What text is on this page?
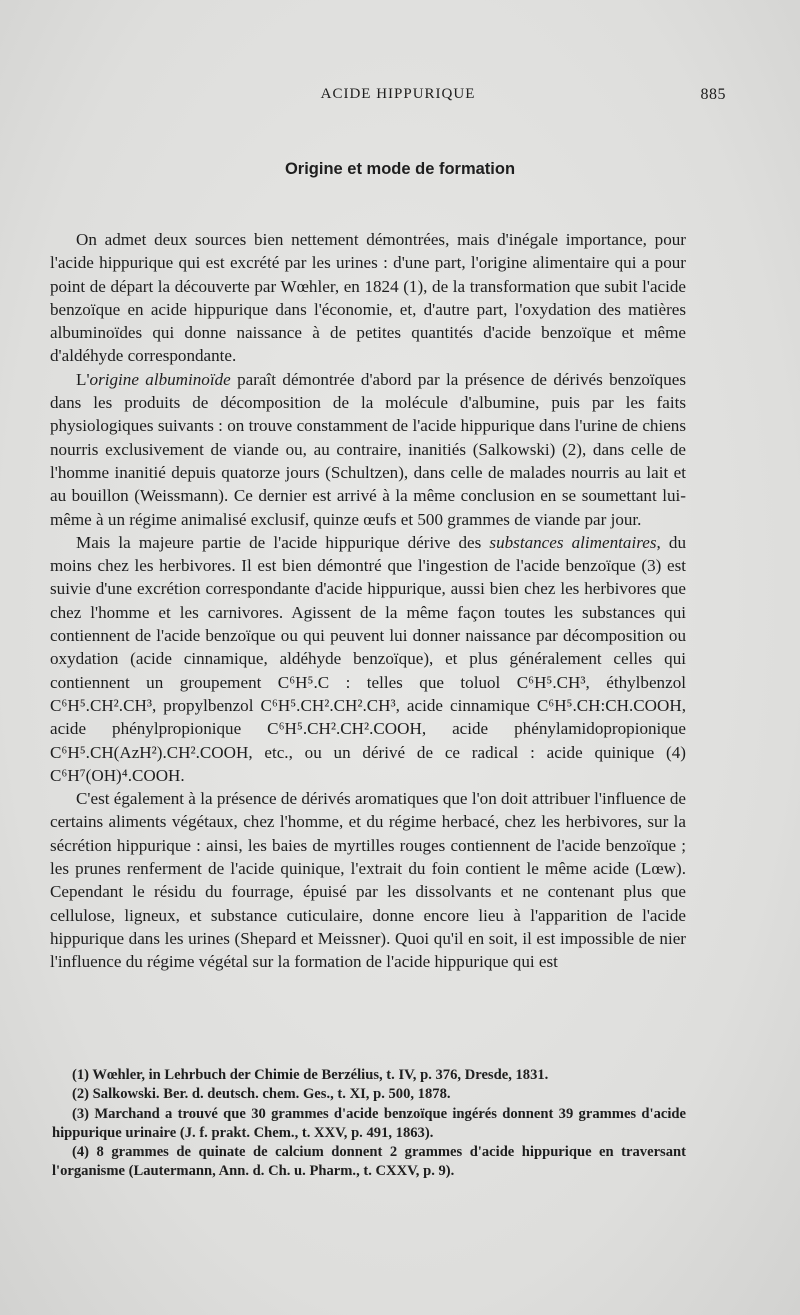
ACIDE HIPPURIQUE	885
Origine et mode de formation

On admet deux sources bien nettement démontrées, mais d'inégale importance, pour l'acide hippurique qui est excrété par les urines : d'une part, l'origine alimentaire qui a pour point de départ la découverte par Wœhler, en 1824 (1), de la transformation que subit l'acide benzoïque en acide hippurique dans l'économie, et, d'autre part, l'oxydation des matières albuminoïdes qui donne naissance à de petites quantités d'acide benzoïque et même d'aldéhyde correspondante.

L'origine albuminoïde paraît démontrée d'abord par la présence de dérivés benzoïques dans les produits de décomposition de la molécule d'albumine, puis par les faits physiologiques suivants : on trouve constamment de l'acide hippurique dans l'urine de chiens nourris exclusivement de viande ou, au contraire, inanitiés (Salkowski) (2), dans celle de l'homme inanitié depuis quatorze jours (Schultzen), dans celle de malades nourris au lait et au bouillon (Weissmann). Ce dernier est arrivé à la même conclusion en se soumettant lui-même à un régime animalisé exclusif, quinze œufs et 500 grammes de viande par jour.

Mais la majeure partie de l'acide hippurique dérive des substances alimentaires, du moins chez les herbivores. Il est bien démontré que l'ingestion de l'acide benzoïque (3) est suivie d'une excrétion correspondante d'acide hippurique, aussi bien chez les herbivores que chez l'homme et les carnivores. Agissent de la même façon toutes les substances qui contiennent de l'acide benzoïque ou qui peuvent lui donner naissance par décomposition ou oxydation (acide cinnamique, aldéhyde benzoïque), et plus généralement celles qui contiennent un groupement C⁶H⁵.C : telles que toluol C⁶H⁵.CH³, éthylbenzol C⁶H⁵.CH².CH³, propylbenzol C⁶H⁵.CH².CH².CH³, acide cinnamique C⁶H⁵.CH:CH.COOH, acide phénylpropionique C⁶H⁵.CH².CH².COOH, acide phénylamidopropionique C⁶H⁵.CH(AzH²).CH².COOH, etc., ou un dérivé de ce radical : acide quinique (4) C⁶H⁷(OH)⁴.COOH.

C'est également à la présence de dérivés aromatiques que l'on doit attribuer l'influence de certains aliments végétaux, chez l'homme, et du régime herbacé, chez les herbivores, sur la sécrétion hippurique : ainsi, les baies de myrtilles rouges contiennent de l'acide benzoïque ; les prunes renferment de l'acide quinique, l'extrait du foin contient le même acide (Lœw). Cependant le résidu du fourrage, épuisé par les dissolvants et ne contenant plus que cellulose, ligneux, et substance cuticulaire, donne encore lieu à l'apparition de l'acide hippurique dans les urines (Shepard et Meissner). Quoi qu'il en soit, il est impossible de nier l'influence du régime végétal sur la formation de l'acide hippurique qui est

(1) Wœhler, in Lehrbuch der Chimie de Berzélius, t. IV, p. 376, Dresde, 1831.

(2) Salkowski. Ber. d. deutsch. chem. Ges., t. XI, p. 500, 1878.

(3) Marchand a trouvé que 30 grammes d'acide benzoïque ingérés donnent 39 grammes d'acide hippurique urinaire (J. f. prakt. Chem., t. XXV, p. 491, 1863).

(4) 8 grammes de quinate de calcium donnent 2 grammes d'acide hippurique en traversant l'organisme (Lautermann, Ann. d. Ch. u. Pharm., t. CXXV, p. 9).
